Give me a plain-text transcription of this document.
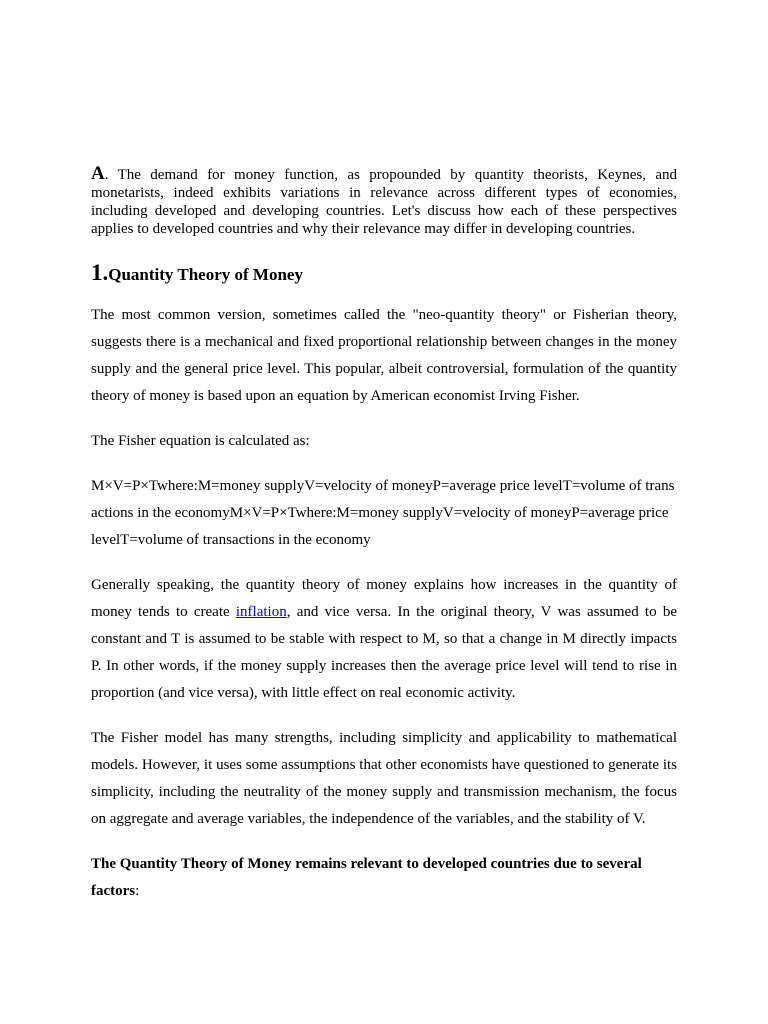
A. The demand for money function, as propounded by quantity theorists, Keynes, and monetarists, indeed exhibits variations in relevance across different types of economies, including developed and developing countries. Let's discuss how each of these perspectives applies to developed countries and why their relevance may differ in developing countries.

1.Quantity Theory of Money

The most common version, sometimes called the "neo-quantity theory" or Fisherian theory, suggests there is a mechanical and fixed proportional relationship between changes in the money supply and the general price level. This popular, albeit controversial, formulation of the quantity theory of money is based upon an equation by American economist Irving Fisher.

The Fisher equation is calculated as:

M×V=P×Twhere:M=money supplyV=velocity of moneyP=average price levelT=volume of trans
actions in the economyM×V=P×Twhere:M=money supplyV=velocity of moneyP=average price
levelT=volume of transactions in the economy

Generally speaking, the quantity theory of money explains how increases in the quantity of money tends to create inflation, and vice versa. In the original theory, V was assumed to be constant and T is assumed to be stable with respect to M, so that a change in M directly impacts P. In other words, if the money supply increases then the average price level will tend to rise in proportion (and vice versa), with little effect on real economic activity.

The Fisher model has many strengths, including simplicity and applicability to mathematical models. However, it uses some assumptions that other economists have questioned to generate its simplicity, including the neutrality of the money supply and transmission mechanism, the focus on aggregate and average variables, the independence of the variables, and the stability of V.

The Quantity Theory of Money remains relevant to developed countries due to several factors:
